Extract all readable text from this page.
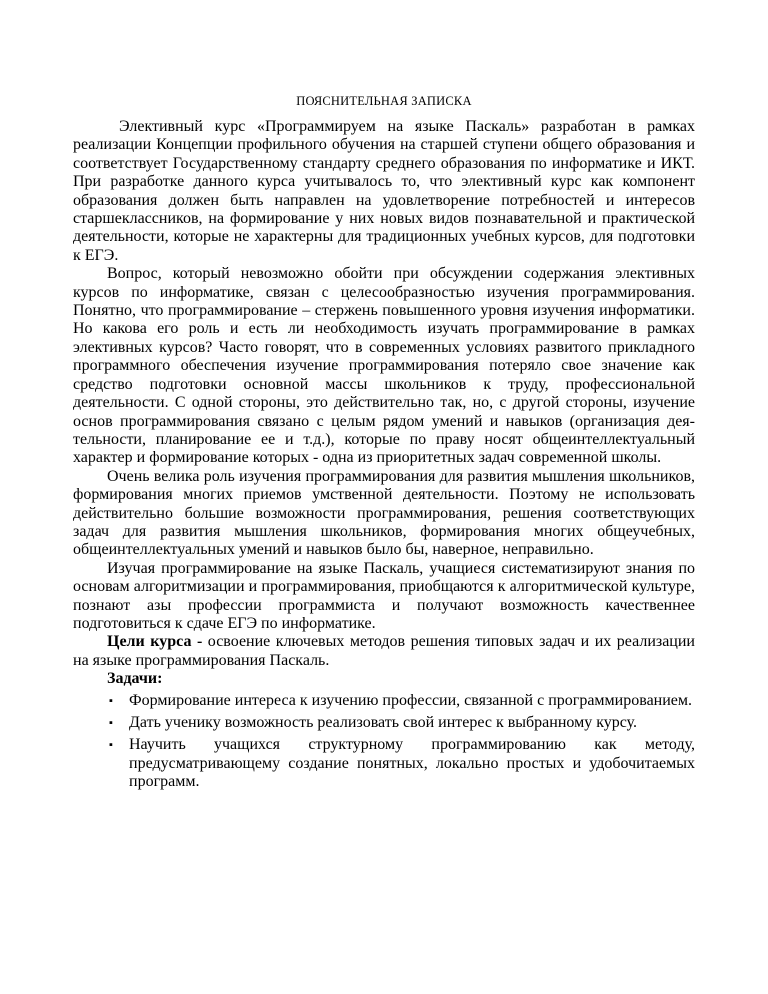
ПОЯСНИТЕЛЬНАЯ ЗАПИСКА

Элективный курс «Программируем на языке Паскаль» разработан в рамках реализации Концепции профильного обучения на старшей ступени общего образования и соответствует Государственному стандарту среднего образования по информатике и ИКТ. При разработке данного курса учитывалось то, что элективный курс как компонент образования должен быть направлен на удовлетворение потребностей и интересов старшеклассников, на формирование у них новых видов познавательной и практической деятельности, которые не характерны для традиционных учебных курсов, для подготовки к ЕГЭ.

Вопрос, который невозможно обойти при обсуждении содержания элективных курсов по информатике, связан с целесообразностью изучения программирования. Понятно, что программирование – стержень повышенного уровня изучения информатики. Но какова его роль и есть ли необходимость изучать программирование в рамках элективных курсов? Часто говорят, что в современных условиях развитого прикладного программного обеспечения изучение программирования потеряло свое значение как средство подготовки основной массы школьников к труду, профессиональной деятельности. С одной стороны, это действительно так, но, с другой стороны, изучение основ программирования связано с целым рядом умений и навыков (организация деятельности, планирование ее и т.д.), которые по праву носят общеинтеллектуальный характер и формирование которых - одна из приоритетных задач современной школы.

Очень велика роль изучения программирования для развития мышления школьников, формирования многих приемов умственной деятельности. Поэтому не использовать действительно большие возможности программирования, решения соответствующих задач для развития мышления школьников, формирования многих общеучебных, общеинтеллектуальных умений и навыков было бы, наверное, неправильно.

Изучая программирование на языке Паскаль, учащиеся систематизируют знания по основам алгоритмизации и программирования, приобщаются к алгоритмической культуре, познают азы профессии программиста и получают возможность качественнее подготовиться к сдаче ЕГЭ по информатике.

Цели курса - освоение ключевых методов решения типовых задач и их реализации на языке программирования Паскаль.

Задачи:

▪ Формирование интереса к изучению профессии, связанной с программированием.
▪ Дать ученику возможность реализовать свой интерес к выбранному курсу.
▪ Научить учащихся структурному программированию как методу, предусматривающему создание понятных, локально простых и удобочитаемых программ.
